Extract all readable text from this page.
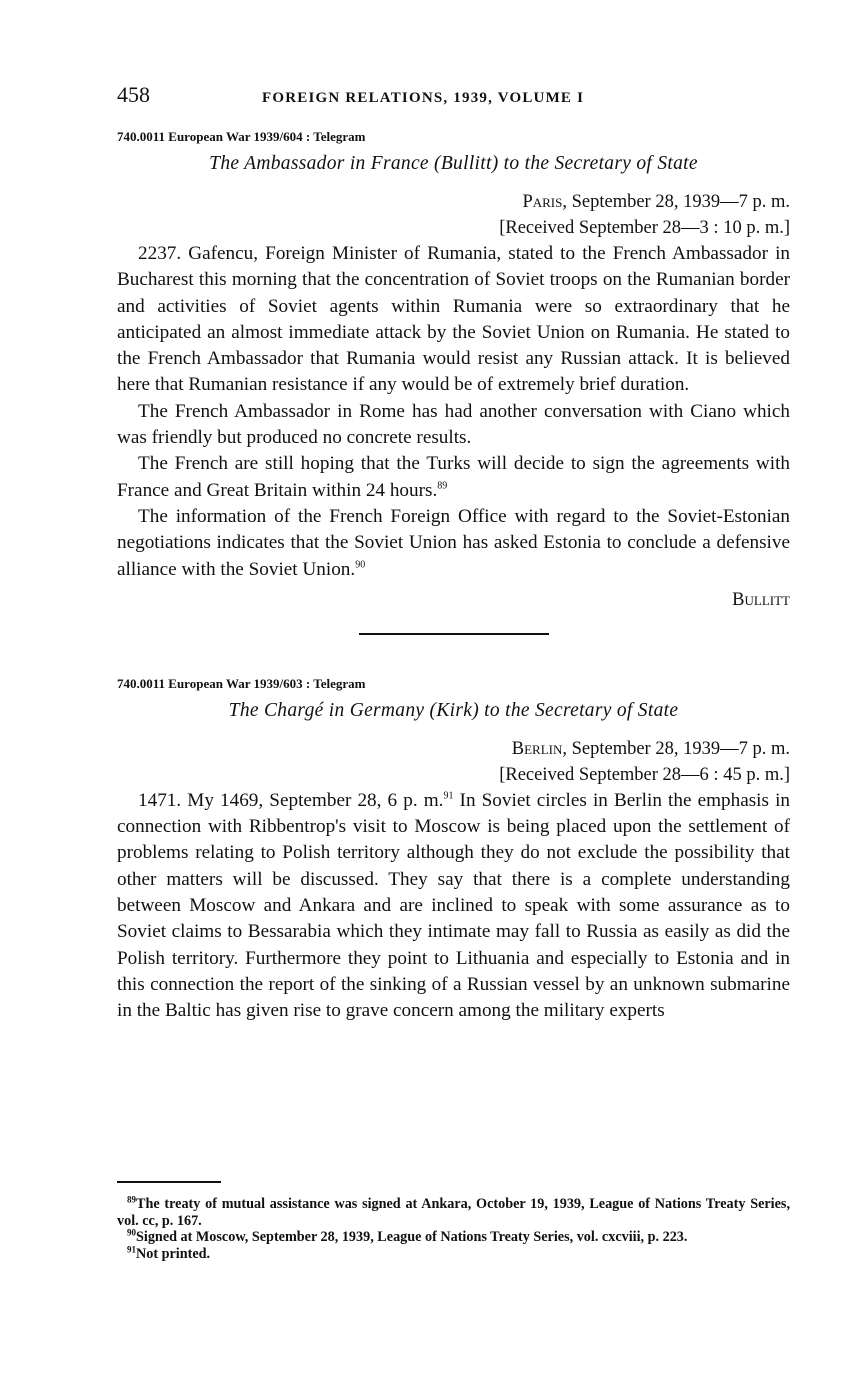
458	FOREIGN RELATIONS, 1939, VOLUME I
740.0011 European War 1939/604 : Telegram
The Ambassador in France (Bullitt) to the Secretary of State
Paris, September 28, 1939—7 p. m.
[Received September 28—3 : 10 p. m.]

2237. Gafencu, Foreign Minister of Rumania, stated to the French Ambassador in Bucharest this morning that the concentration of Soviet troops on the Rumanian border and activities of Soviet agents within Rumania were so extraordinary that he anticipated an almost immediate attack by the Soviet Union on Rumania. He stated to the French Ambassador that Rumania would resist any Russian attack. It is believed here that Rumanian resistance if any would be of extremely brief duration.

The French Ambassador in Rome has had another conversation with Ciano which was friendly but produced no concrete results.

The French are still hoping that the Turks will decide to sign the agreements with France and Great Britain within 24 hours.$^{89}$

The information of the French Foreign Office with regard to the Soviet-Estonian negotiations indicates that the Soviet Union has asked Estonia to conclude a defensive alliance with the Soviet Union.$^{90}$

Bullitt
740.0011 European War 1939/603 : Telegram
The Chargé in Germany (Kirk) to the Secretary of State
Berlin, September 28, 1939—7 p. m.
[Received September 28—6 : 45 p. m.]

1471. My 1469, September 28, 6 p. m.$^{91}$ In Soviet circles in Berlin the emphasis in connection with Ribbentrop's visit to Moscow is being placed upon the settlement of problems relating to Polish territory although they do not exclude the possibility that other matters will be discussed. They say that there is a complete understanding between Moscow and Ankara and are inclined to speak with some assurance as to Soviet claims to Bessarabia which they intimate may fall to Russia as easily as did the Polish territory. Furthermore they point to Lithuania and especially to Estonia and in this connection the report of the sinking of a Russian vessel by an unknown submarine in the Baltic has given rise to grave concern among the military experts

$^{89}$The treaty of mutual assistance was signed at Ankara, October 19, 1939, League of Nations Treaty Series, vol. cc, p. 167.

$^{90}$Signed at Moscow, September 28, 1939, League of Nations Treaty Series, vol. cxcviii, p. 223.

$^{91}$Not printed.
